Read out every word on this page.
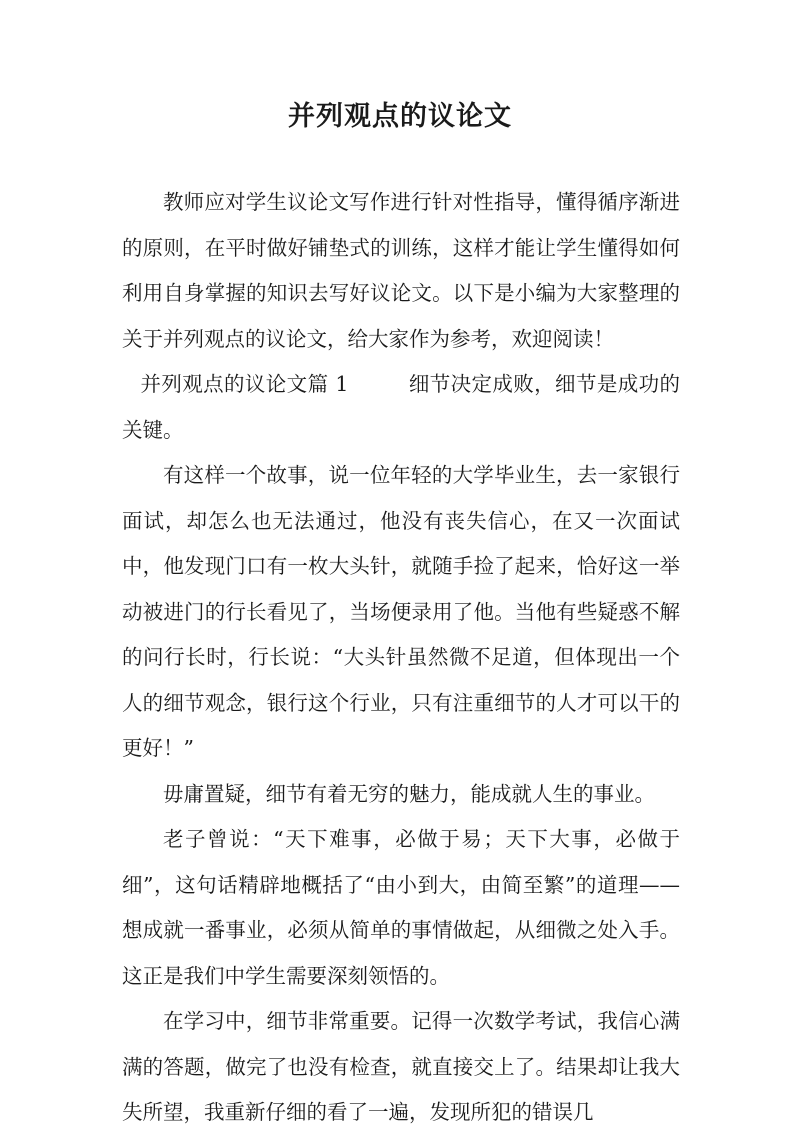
并列观点的议论文

教师应对学生议论文写作进行针对性指导，懂得循序渐进的原则，在平时做好铺垫式的训练，这样才能让学生懂得如何利用自身掌握的知识去写好议论文。以下是小编为大家整理的关于并列观点的议论文，给大家作为参考，欢迎阅读！

并列观点的议论文篇 1	细节决定成败，细节是成功的关键。

有这样一个故事，说一位年轻的大学毕业生，去一家银行面试，却怎么也无法通过，他没有丧失信心，在又一次面试中，他发现门口有一枚大头针，就随手捡了起来，恰好这一举动被进门的行长看见了，当场便录用了他。当他有些疑惑不解的问行长时，行长说：“大头针虽然微不足道，但体现出一个人的细节观念，银行这个行业，只有注重细节的人才可以干的更好！”

毋庸置疑，细节有着无穷的魅力，能成就人生的事业。

老子曾说：“天下难事，必做于易；天下大事，必做于细”，这句话精辟地概括了“由小到大，由简至繁”的道理——想成就一番事业，必须从简单的事情做起，从细微之处入手。这正是我们中学生需要深刻领悟的。

在学习中，细节非常重要。记得一次数学考试，我信心满满的答题，做完了也没有检查，就直接交上了。结果却让我大失所望，我重新仔细的看了一遍，发现所犯的错误几
